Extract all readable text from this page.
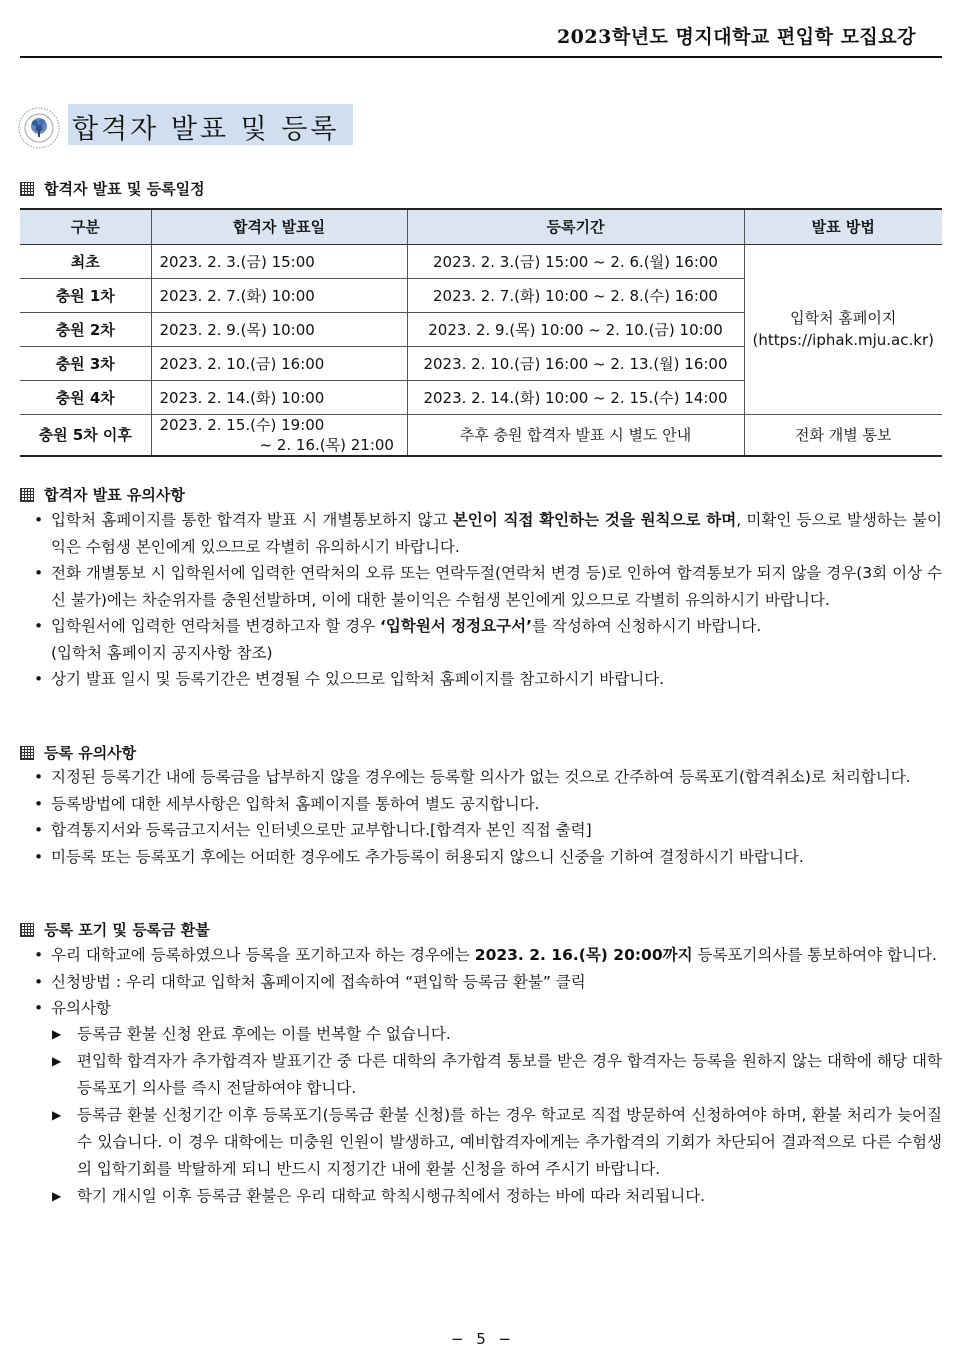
2023학년도 명지대학교 편입학 모집요강
합격자 발표 및 등록
합격자 발표 및 등록일정
구분	합격자 발표일	등록기간	발표 방법
최초	2023. 2. 3.(금) 15:00	2023. 2. 3.(금) 15:00 ~ 2. 6.(월) 16:00	입학처 홈페이지
(https://iphak.mju.ac.kr)

충원 1차	2023. 2. 7.(화) 10:00	2023. 2. 7.(화) 10:00 ~ 2. 8.(수) 16:00	
충원 2차	2023. 2. 9.(목) 10:00	2023. 2. 9.(목) 10:00 ~ 2. 10.(금) 10:00	
충원 3차	2023. 2. 10.(금) 16:00	2023. 2. 10.(금) 16:00 ~ 2. 13.(월) 16:00	
충원 4차	2023. 2. 14.(화) 10:00	2023. 2. 14.(화) 10:00 ~ 2. 15.(수) 14:00	
충원 5차 이후	2023. 2. 15.(수) 19:00
~ 2. 16.(목) 21:00	추후 충원 합격자 발표 시 별도 안내	전화 개별 통보
합격자 발표 유의사항
• 입학처 홈페이지를 통한 합격자 발표 시 개별통보하지 않고 본인이 직접 확인하는 것을 원칙으로 하며, 미확인 등으로 발생하는 불이익은 수험생 본인에게 있으므로 각별히 유의하시기 바랍니다.
• 전화 개별통보 시 입학원서에 입력한 연락처의 오류 또는 연락두절(연락처 변경 등)로 인하여 합격통보가 되지 않을 경우(3회 이상 수신 불가)에는 차순위자를 충원선발하며, 이에 대한 불이익은 수험생 본인에게 있으므로 각별히 유의하시기 바랍니다.
• 입학원서에 입력한 연락처를 변경하고자 할 경우 ‘입학원서 정정요구서’를 작성하여 신청하시기 바랍니다.
(입학처 홈페이지 공지사항 참조)
• 상기 발표 일시 및 등록기간은 변경될 수 있으므로 입학처 홈페이지를 참고하시기 바랍니다.
등록 유의사항
• 지정된 등록기간 내에 등록금을 납부하지 않을 경우에는 등록할 의사가 없는 것으로 간주하여 등록포기(합격취소)로 처리합니다.
• 등록방법에 대한 세부사항은 입학처 홈페이지를 통하여 별도 공지합니다.
• 합격통지서와 등록금고지서는 인터넷으로만 교부합니다.[합격자 본인 직접 출력]
• 미등록 또는 등록포기 후에는 어떠한 경우에도 추가등록이 허용되지 않으니 신중을 기하여 결정하시기 바랍니다.
등록 포기 및 등록금 환불
• 우리 대학교에 등록하였으나 등록을 포기하고자 하는 경우에는 2023. 2. 16.(목) 20:00까지 등록포기의사를 통보하여야 합니다.
• 신청방법 : 우리 대학교 입학처 홈페이지에 접속하여 “편입학 등록금 환불” 클릭
• 유의사항
▶ 등록금 환불 신청 완료 후에는 이를 번복할 수 없습니다.
▶ 편입학 합격자가 추가합격자 발표기간 중 다른 대학의 추가합격 통보를 받은 경우 합격자는 등록을 원하지 않는 대학에 해당 대학 등록포기 의사를 즉시 전달하여야 합니다.
▶ 등록금 환불 신청기간 이후 등록포기(등록금 환불 신청)를 하는 경우 학교로 직접 방문하여 신청하여야 하며, 환불 처리가 늦어질 수 있습니다. 이 경우 대학에는 미충원 인원이 발생하고, 예비합격자에게는 추가합격의 기회가 차단되어 결과적으로 다른 수험생의 입학기회를 박탈하게 되니 반드시 지정기간 내에 환불 신청을 하여 주시기 바랍니다.
▶ 학기 개시일 이후 등록금 환불은 우리 대학교 학칙시행규칙에서 정하는 바에 따라 처리됩니다.
− 5 −
